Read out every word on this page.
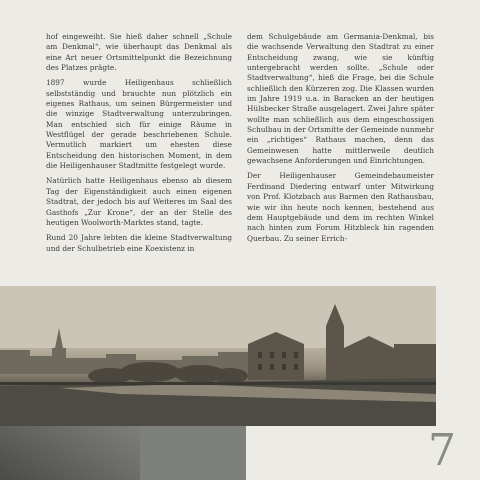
hof eingeweiht. Sie hieß daher schnell „Schule am Denkmal“, wie überhaupt das Denkmal als eine Art neuer Ortsmittelpunkt die Bezeichnung des Platzes prägte.

1897 wurde Heiligenhaus schließlich selbstständig und brauchte nun plötzlich ein eigenes Rathaus, um seinen Bürgermeister und die winzige Stadtverwaltung unterzubringen. Man entschied sich für einige Räume in Westflügel der gerade beschriebenen Schule. Vermutlich markiert um ehesten diese Entscheidung den historischen Moment, in dem die Heiligenhauser Stadtmitte festgelegt wurde.

Natürlich hatte Heiligenhaus ebenso ab diesem Tag der Eigenständigkeit auch einen eigenen Stadtrat, der jedoch bis auf Weiteres im Saal des Gasthofs „Zur Krone“, der an der Stelle des heutigen Woolworth-Marktes stand, tagte.

Rund 20 Jahre lebten die kleine Stadtverwaltung und der Schulbetrieb eine Koexistenz in

dem Schulgebäude am Germania-Denkmal, bis die wachsende Verwaltung den Stadtrat zu einer Entscheidung zwang, wie sie künftig untergebracht werden sollte. „Schule oder Stadtverwaltung“, hieß die Frage, bei die Schule schließlich den Kürzeren zog. Die Klassen wurden im Jahre 1919 u.a. in Baracken an der heutigen Hülsbecker Straße ausgelagert. Zwei Jahre später wollte man schließlich aus dem eingeschossigen Schulbau in der Ortsmitte der Gemeinde nunmehr ein „richtiges“ Rathaus machen, denn das Gemeinwesen hatte mittlerweile deutlich gewachsene Anforderungen und Einrichtungen.

Der Heiligenhauser Gemeindebaumeister Ferdinand Diedering entwarf unter Mitwirkung von Prof. Klotzbach aus Barmen den Rathausbau, wie wir ihn heute noch kennen, bestehend aus dem Hauptgebäude und dem im rechten Winkel nach hinten zum Forum Hitzbleck hin ragenden Querbau. Zu seiner Errich-

7
